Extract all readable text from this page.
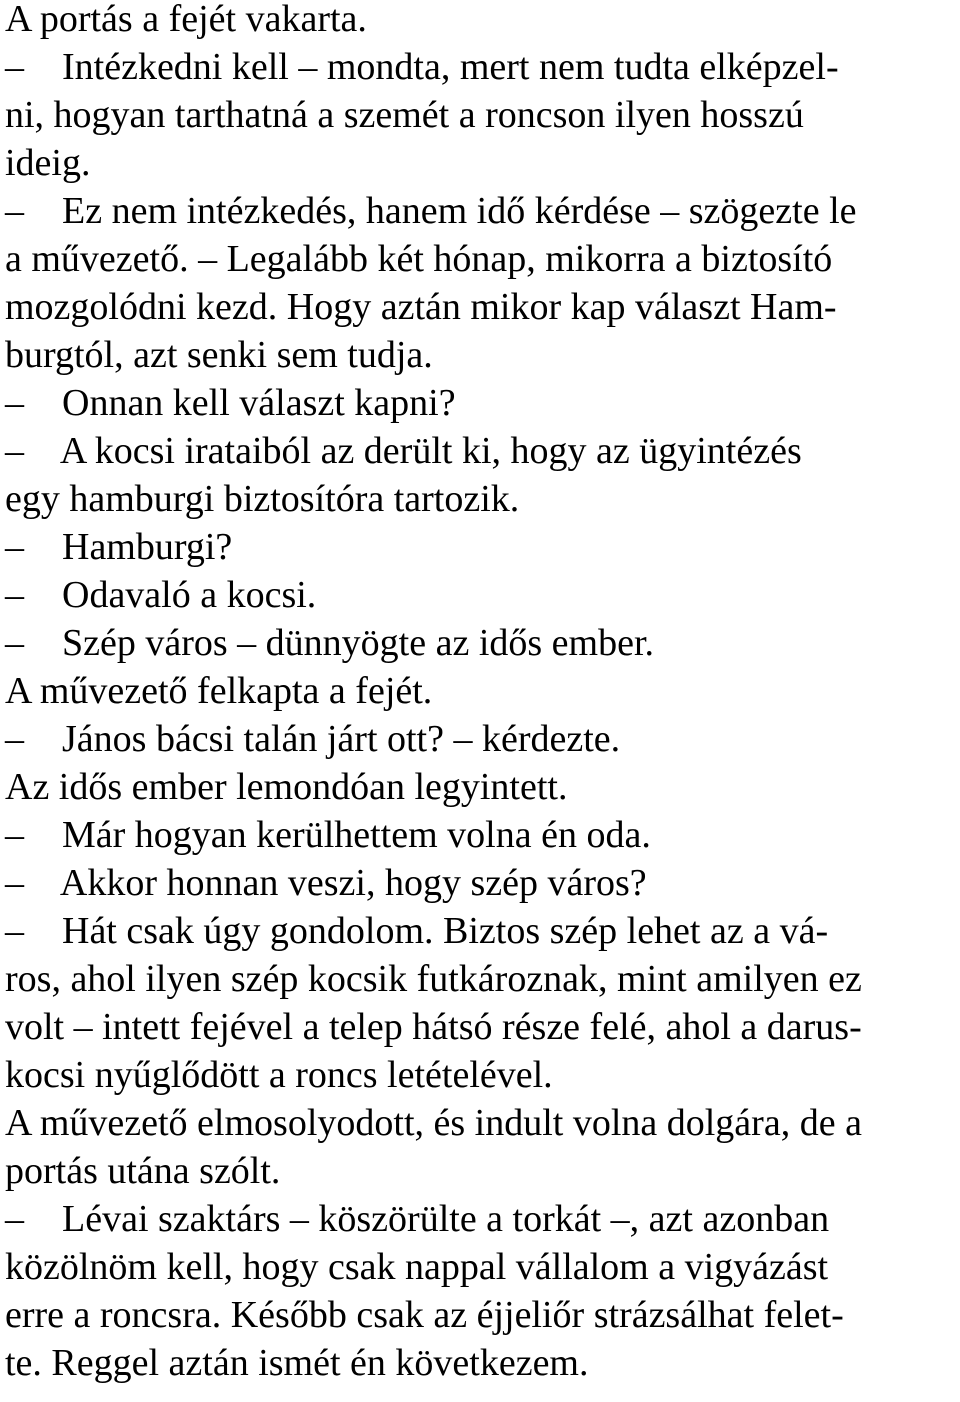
A portás a fejét vakarta.
–    Intézkedni kell – mondta, mert nem tudta elképzel-
ni, hogyan tarthatná a szemét a roncson ilyen hosszú
ideig.
–    Ez nem intézkedés, hanem idő kérdése – szögezte le
a művezető. – Legalább két hónap, mikorra a biztosító
mozgolódni kezd. Hogy aztán mikor kap választ Ham-
burgtól, azt senki sem tudja.
–    Onnan kell választ kapni?
–    A kocsi irataiból az derült ki, hogy az ügyintézés
egy hamburgi biztosítóra tartozik.
–    Hamburgi?
–    Odavaló a kocsi.
–    Szép város – dünnyögte az idős ember.
A művezető felkapta a fejét.
–    János bácsi talán járt ott? – kérdezte.
Az idős ember lemondóan legyintett.
–    Már hogyan kerülhettem volna én oda.
–    Akkor honnan veszi, hogy szép város?
–    Hát csak úgy gondolom. Biztos szép lehet az a vá-
ros, ahol ilyen szép kocsik futkároznak, mint amilyen ez
volt – intett fejével a telep hátsó része felé, ahol a darus-
kocsi nyűglődött a roncs letételével.
A művezető elmosolyodott, és indult volna dolgára, de a
portás utána szólt.
–    Lévai szaktárs – köszörülte a torkát –, azt azonban
közölnöm kell, hogy csak nappal vállalom a vigyázást
erre a roncsra. Később csak az éjjeliőr strázsálhat felet-
te. Reggel aztán ismét én következem.
